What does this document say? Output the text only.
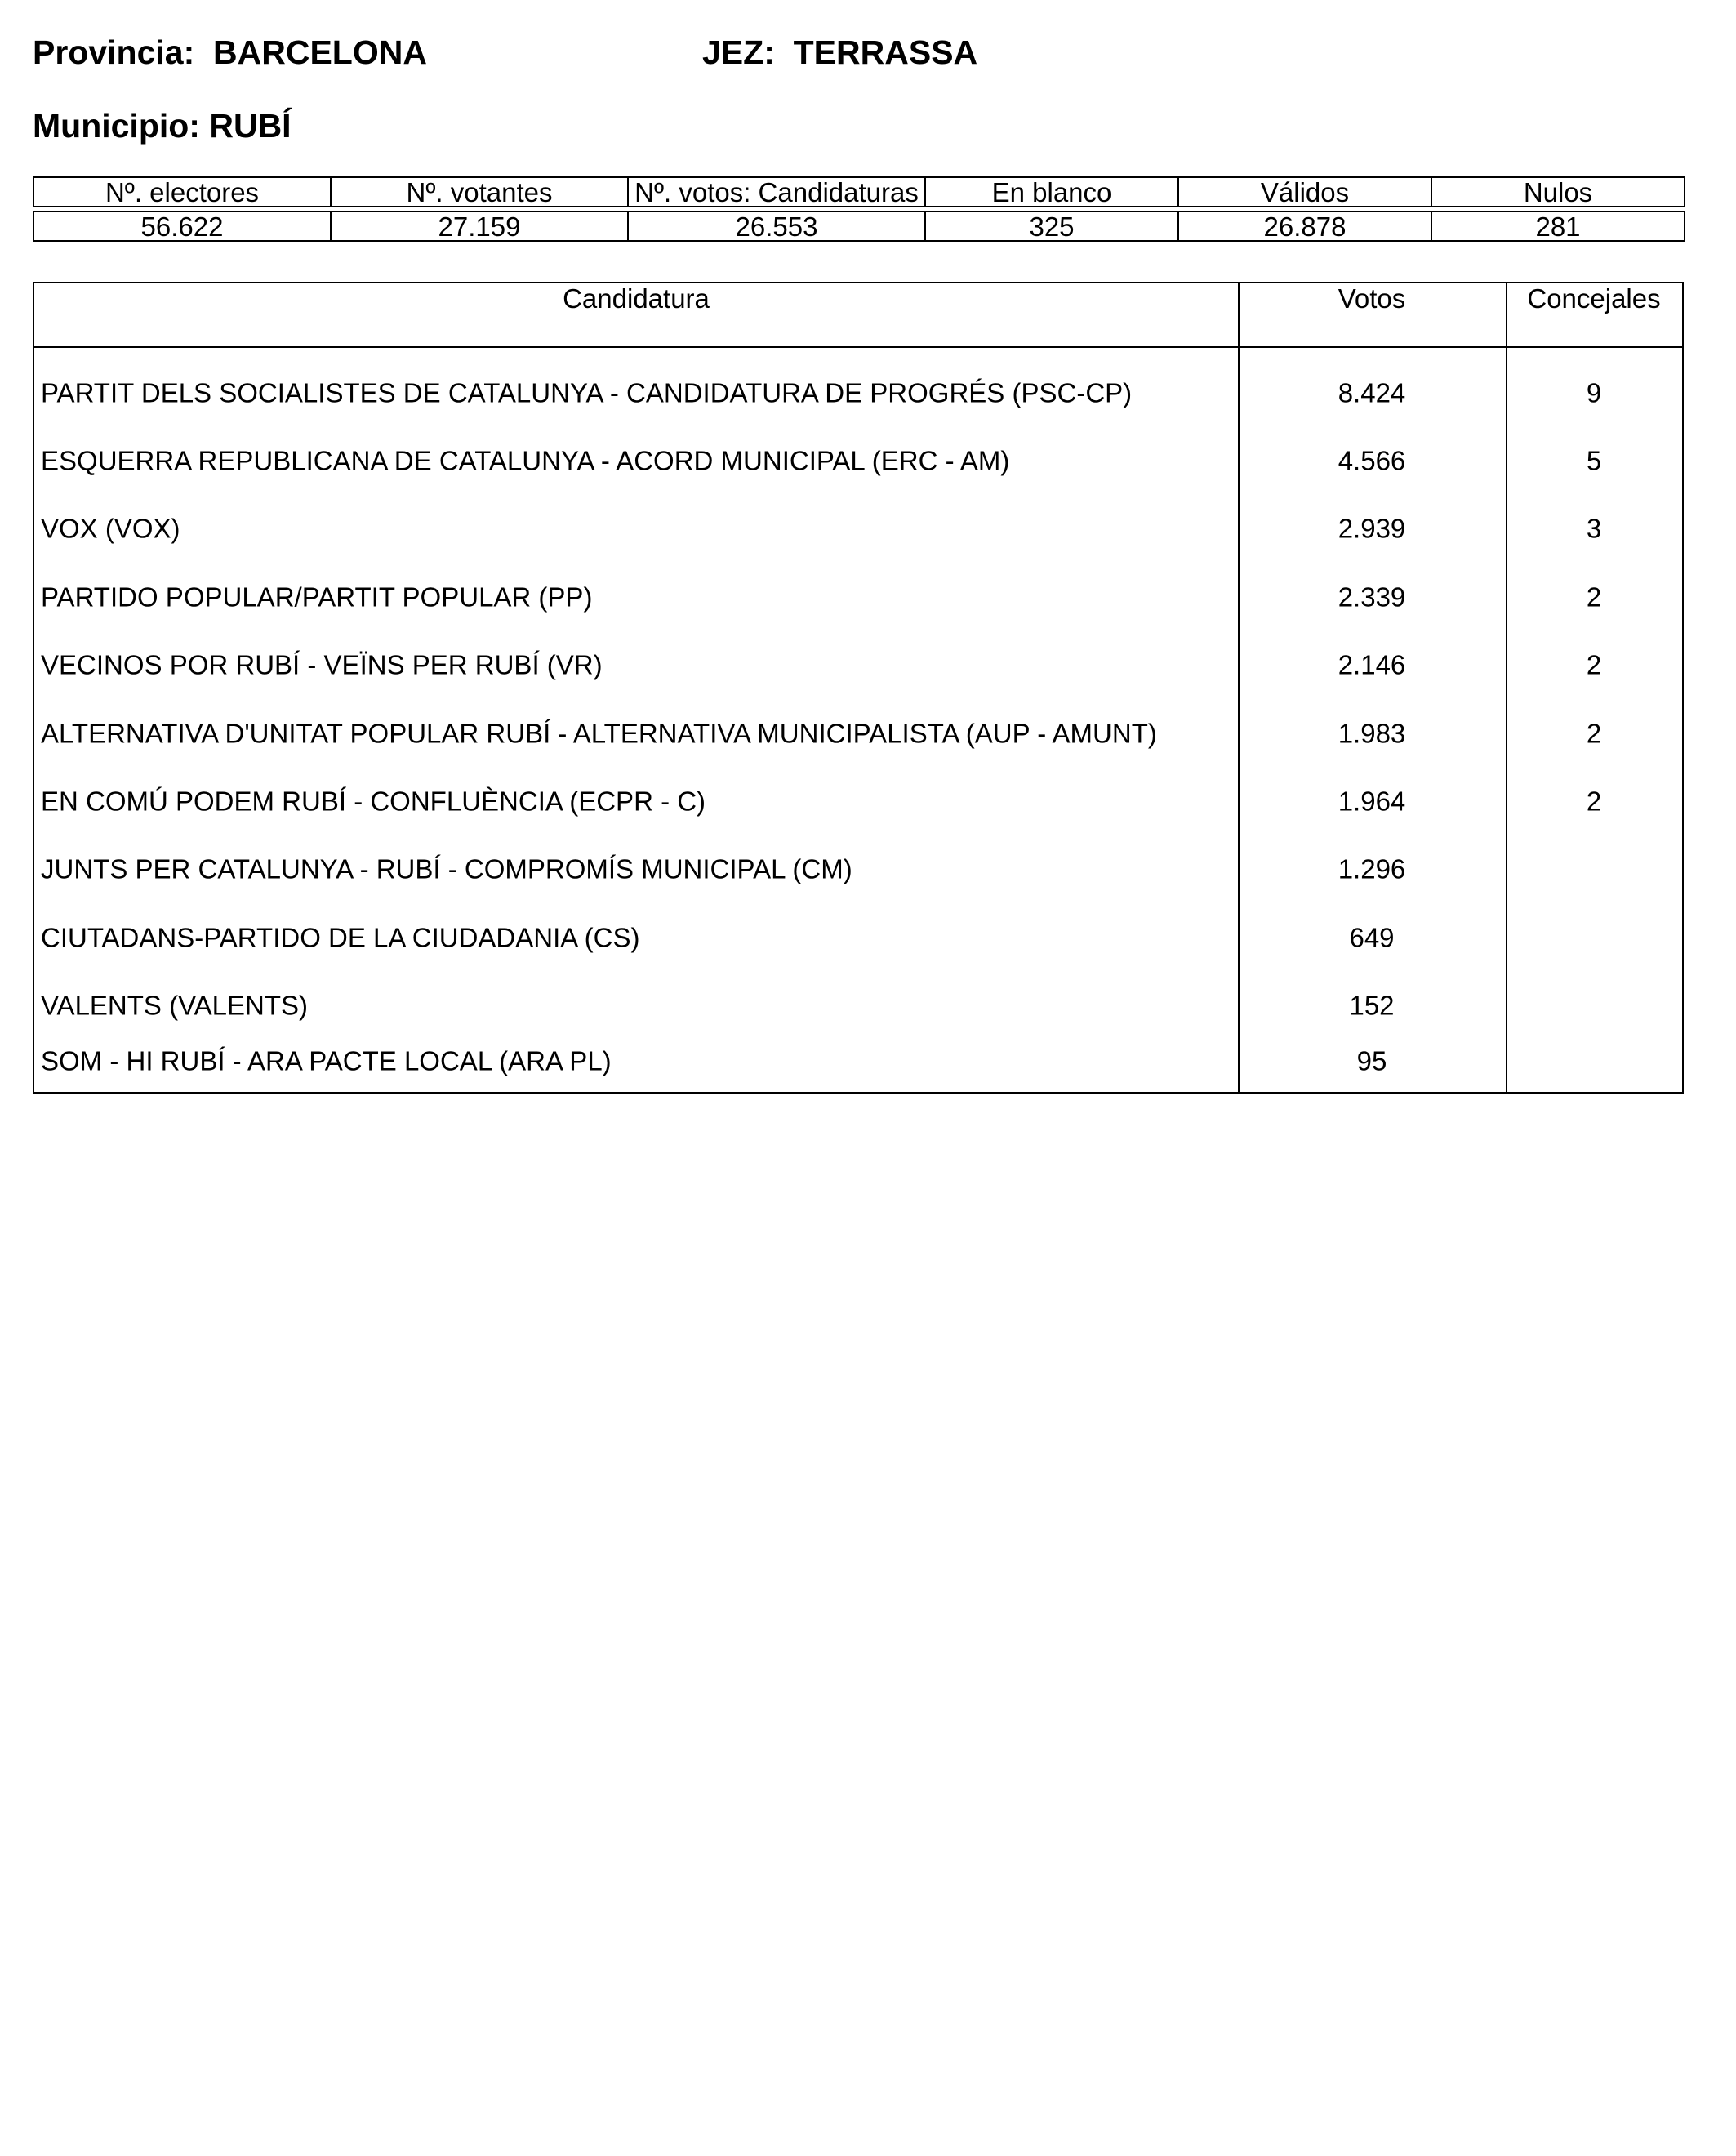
Provincia:  BARCELONA	JEZ:  TERRASSA
Municipio: RUBÍ
Nº. electores	Nº. votantes	Nº. votos: Candidaturas	En blanco	Válidos	Nulos

56.622	27.159	26.553	325	26.878	281
Candidatura	Votos	Concejales
PARTIT DELS SOCIALISTES DE CATALUNYA - CANDIDATURA DE PROGRÉS (PSC-CP)	8.424	9
ESQUERRA REPUBLICANA DE CATALUNYA - ACORD MUNICIPAL (ERC - AM)	4.566	5
VOX (VOX)	2.939	3
PARTIDO POPULAR/PARTIT POPULAR (PP)	2.339	2
VECINOS POR RUBÍ - VEÏNS PER RUBÍ (VR)	2.146	2
ALTERNATIVA D'UNITAT POPULAR RUBÍ - ALTERNATIVA MUNICIPALISTA (AUP - AMUNT)	1.983	2
EN COMÚ PODEM RUBÍ - CONFLUÈNCIA (ECPR - C)	1.964	2
JUNTS PER CATALUNYA - RUBÍ - COMPROMÍS MUNICIPAL (CM)	1.296
CIUTADANS-PARTIDO DE LA CIUDADANIA (CS)	649
VALENTS (VALENTS)	152
SOM - HI RUBÍ - ARA PACTE LOCAL (ARA PL)	95
